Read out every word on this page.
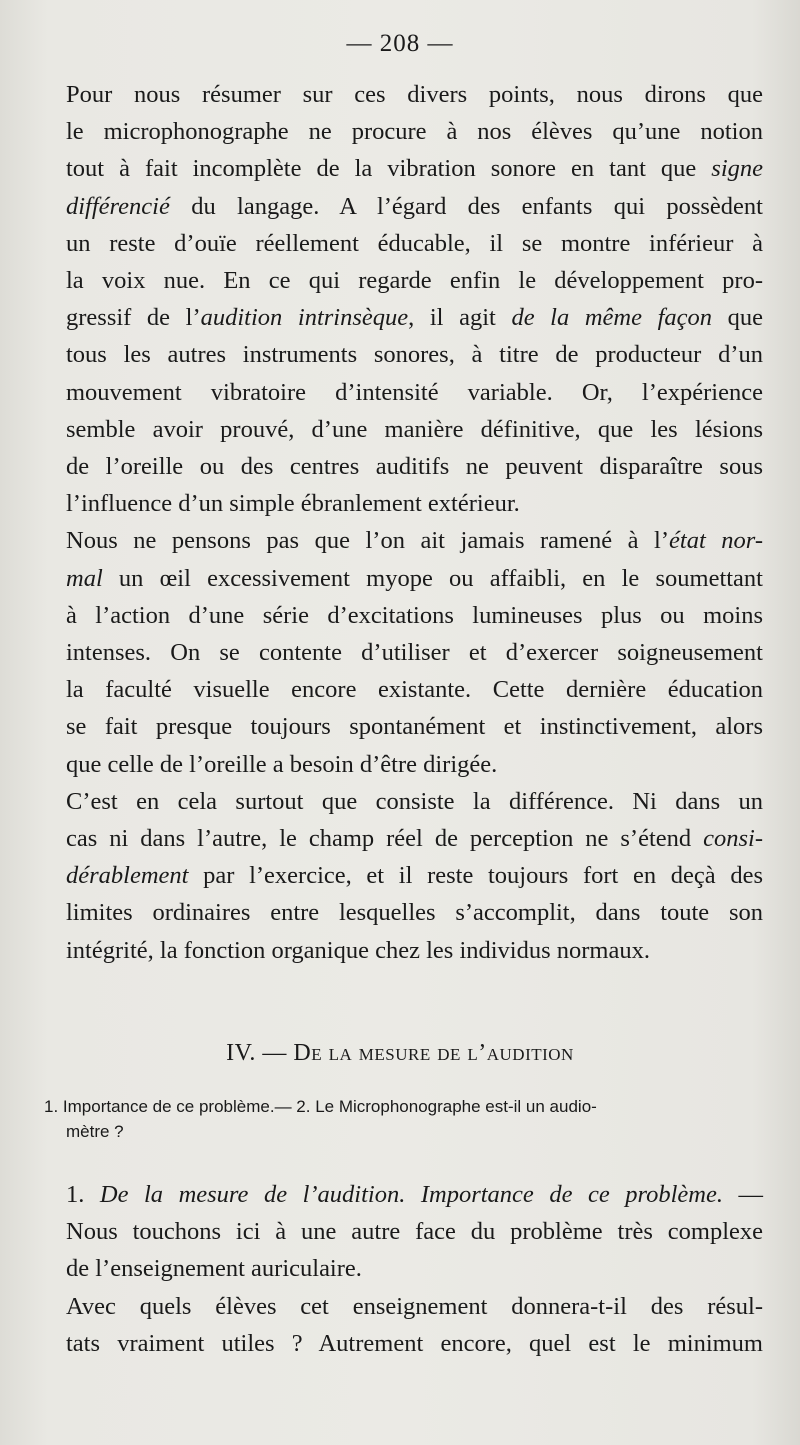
— 208 —

Pour nous résumer sur ces divers points, nous dirons que
le microphonographe ne procure à nos élèves qu’une notion
tout à fait incomplète de la vibration sonore en tant que signe
différencié du langage. A l’égard des enfants qui possèdent
un reste d’ouïe réellement éducable, il se montre inférieur à
la voix nue. En ce qui regarde enfin le développement pro-
gressif de l’audition intrinsèque, il agit de la même façon que
tous les autres instruments sonores, à titre de producteur d’un
mouvement vibratoire d’intensité variable. Or, l’expérience
semble avoir prouvé, d’une manière définitive, que les lésions
de l’oreille ou des centres auditifs ne peuvent disparaître sous
l’influence d’un simple ébranlement extérieur.

Nous ne pensons pas que l’on ait jamais ramené à l’état nor-
mal un œil excessivement myope ou affaibli, en le soumettant
à l’action d’une série d’excitations lumineuses plus ou moins
intenses. On se contente d’utiliser et d’exercer soigneusement
la faculté visuelle encore existante. Cette dernière éducation
se fait presque toujours spontanément et instinctivement, alors
que celle de l’oreille a besoin d’être dirigée.

C’est en cela surtout que consiste la différence. Ni dans un
cas ni dans l’autre, le champ réel de perception ne s’étend consi-
dérablement par l’exercice, et il reste toujours fort en deçà des
limites ordinaires entre lesquelles s’accomplit, dans toute son
intégrité, la fonction organique chez les individus normaux.

IV. — De la mesure de l’audition
1. Importance de ce problème.— 2. Le Microphonographe est-il un audio-
mètre ?

1. De la mesure de l’audition. Importance de ce problème. —
Nous touchons ici à une autre face du problème très complexe
de l’enseignement auriculaire.

Avec quels élèves cet enseignement donnera-t-il des résul-
tats vraiment utiles ? Autrement encore, quel est le minimum
